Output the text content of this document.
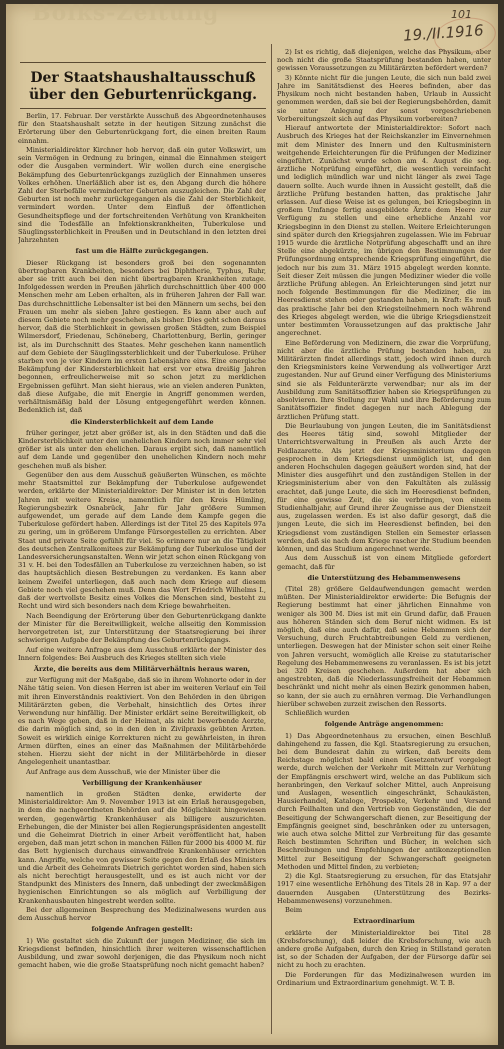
Bolks-Zeitung	101
19./II.1916
Der Staatshaushaltausschuß über den Geburtenrückgang.

Berlin, 17. Februar. Der verstärkte Ausschuß des Abgeordnetenhauses für den Staatshaushalt setzte in der heutigen Sitzung zunächst die Erörterung über den Geburtenrückgang fort, die einen breiten Raum einnahm.

Ministerialdirektor Kirchner hob hervor, daß ein guter Volkswirt, um sein Vermögen in Ordnung zu bringen, einmal die Einnahmen steigert oder die Ausgaben vermindert. Wir wollen durch eine energische Bekämpfung des Geburtenrückgangs zuzüglich der Einnahmen unseres Volkes erhöhen. Unerläßlich aber ist es, den Abgang durch die höhere Zahl der Sterbefälle verminderter Geburten auszugleichen. Die Zahl der Geburten ist noch mehr zurückgegangen als die Zahl der Sterblichkeit, vermindert worden. Unter dem Einfluß der öffentlichen Gesundheitspflege und der fortschreitenden Verhütung von Krankheiten sind die Todesfälle an Infektionskrankheiten, Tuberkulose und Säuglingssterblichkeit in Preußen und in Deutschland in den letzten drei Jahrzehnten

fast um die Hälfte zurückgegangen.

Dieser Rückgang ist besonders groß bei den sogenannten übertragbaren Krankheiten, besonders bei Diphtherie, Typhus, Ruhr, aber sie tritt auch bei den nicht übertragbaren Krankheiten zutage. Infolgedessen werden in Preußen jährlich durchschnittlich über 400 000 Menschen mehr am Leben erhalten, als in früheren Jahren der Fall war. Das durchschnittliche Lebensalter ist bei den Männern um sechs, bei den Frauen um mehr als sieben Jahre gestiegen. Es kann aber auch auf diesem Gebiete noch mehr geschehen, als bisher. Dies geht schon daraus hervor, daß die Sterblichkeit in gewissen großen Städten, zum Beispiel Wilmersdorf, Friedenau, Schöneberg, Charlottenburg, Berlin, geringer ist, als im Durchschnitt des Staates. Mehr geschehen kann namentlich auf dem Gebiete der Säuglingssterblichkeit und der Tuberkulose. Früher starben von je vier Kindern im ersten Lebensjahre eins. Eine energische Bekämpfung der Kindersterblichkeit hat erst vor etwa dreißig Jahren begonnen, erfreulicherweise mit so schon jetzt zu merklichen Ergebnissen geführt. Man sieht hieraus, wie an vielen anderen Punkten, daß diese Aufgabe, die mit Energie in Angriff genommen werden, verhältnismäßig bald der Lösung entgegengeführt werden können. Bedenklich ist, daß

die Kindersterblichkeit auf dem Lande

früher geringer, jetzt aber größer ist, als in den Städten und daß die Kindersterblichkeit unter den unehelichen Kindern noch immer sehr viel größer ist als unter den ehelichen. Daraus ergibt sich, daß namentlich auf dem Lande und gegenüber den unehelichen Kindern noch mehr geschehen muß als bisher.

Gegenüber den aus dem Ausschuß geäußerten Wünschen, es möchte mehr Staatsmittel zur Bekämpfung der Tuberkulose aufgewendet werden, erklärte der Ministerialdirektor: Der Minister ist in den letzten Jahren mit weitere Kreise, namentlich für den Kreis Hümling, Regierungsbezirk Osnabrück, Jahr für Jahr größere Summen aufgewendet, um gerade auf dem Lande dem Kampfe gegen die Tuberkulose gefördert haben. Allerdings ist der Titel 25 des Kapitels 97a zu gering, um in größerem Umfange Fürsorgestellen zu errichten. Aber Staat und private Seite gefühlt für viel. So erinnere nur an die Tätigkeit des deutschen Zentralkomitees zur Bekämpfung der Tuberkulose und der Landesversicherungsanstalten. Wenn wir jetzt schon einen Rückgang von 31 v. H. bei den Todesfällen an Tuberkulose zu verzeichnen haben, so ist das hauptsächlich diesen Bestrebungen zu verdanken. Es kann aber keinem Zweifel unterliegen, daß auch nach dem Kriege auf diesem Gebiete noch viel geschehen muß. Denn das Wort Friedrich Wilhelms I., daß der wertvollste Besitz eines Volkes die Menschen sind, besteht zu Recht und wird sich besonders nach dem Kriege bewahrheiten.

Nach Beendigung der Erörterung über den Geburtenrückgang dankte der Minister für die Bereitwilligkeit, welche allseitig den Kommission hervorgetreten ist, zur Unterstützung der Staatsregierung bei ihrer schwierigen Aufgabe der Bekämpfung des Geburtenrückgangs.

Auf eine weitere Anfrage aus dem Ausschuß erklärte der Minister des Innern folgendes: Bei Ausbruch des Krieges stellten sich viele

Ärzte, die bereits aus dem Militärverhältnis heraus waren,

zur Verfügung mit der Maßgabe, daß sie in ihrem Wohnorte oder in der Nähe tätig seien. Von diesen Herren ist aber im weiteren Verlauf ein Teil mit ihren Einverständnis reaktiviert. Von den Behörden in den übrigen Militärärzten geben, die Verbehalt, hinsichtlich des Ortes ihrer Verwendung nur hinfällig. Der Minister erklärt seine Bereitwilligkeit, ob es nach Wege geben, daß in der Heimat, als nicht bewerbende Aerzte, die darin möglich sind, so in den den in Zivilpraxis geübten Ärzten. Soweit es wirklich einige Korrekturen nicht zu gewährleisten, in ihren Armen dürften, eines an einer das Maßnahmen der Militärbehörde stehen. Hierzu sieht der nicht in der Militärbehörde in dieser Angelegenheit unantastbar.

Auf Anfrage aus dem Ausschuß, wie der Minister über die

Verbilligung der Krankenhäuser

namentlich in großen Städten denke, erwiderte der Ministerialdirektor: Am 9. November 1913 ist ein Erlaß herausgegeben, in dem die nachgeordneten Behörden auf die Möglichkeit hingewiesen werden, gegenwärtig Krankenhäuser als billigere auszurichten. Erhebungen, die der Minister bei allen Regierungspräsidenten angestellt und die Geheimrat Dietrich in einer Arbeit veröffentlicht hat, haben ergeben, daß man jetzt schon in manchen Fällen für 2000 bis 4000 M. für das Bett hygienisch durchaus einwandfreie Krankenhäuser errichten kann. Angriffe, welche von gewisser Seite gegen den Erlaß des Ministers und die Arbeit des Geheimrats Dietrich gerichtet worden sind, haben sich als nicht berechtigt herausgestellt, und es ist auch nicht vor der Standpunkt des Ministers des Innern, daß unbedingt der zweckmäßigen hygienischen Einrichtungen so als möglich auf Verbilligung der Krankenhausbauten hingestrebt werden sollte.

Bei der allgemeinen Besprechung des Medizinalwesens wurden aus dem Ausschuß hervor

folgende Anfragen gestellt:

1) Wie gestaltet sich die Zukunft der jungen Mediziner, die sich im Kriegsdienst befinden, hinsichtlich ihrer weiteren wissenschaftlichen Ausbildung, und zwar sowohl derjenigen, die das Physikum noch nicht gemacht haben, wie die große Staatsprüfung noch nicht gemacht haben?

2) Ist es richtig, daß diejenigen, welche das Physikum, aber noch nicht die große Staatsprüfung bestanden haben, unter gewissen Voraussetzungen zu Militärärzten befördert werden?

3) Könnte nicht für die jungen Leute, die sich nun bald zwei Jahre im Sanitätsdienst des Heeres befinden, aber das Physikum noch nicht bestanden haben, Urlaub in Aussicht genommen werden, daß sie bei der Regierungsbehörden, damit sie unter Anlegung der sonst vorgeschriebenen Vorbereitungszeit sich auf das Physikum vorbereiten?

Hierauf antwortete der Ministerialdirektor: Sofort nach Ausbruch des Krieges hat der Reichskanzler im Einvernehmen mit dem Minister des Innern und den Kultusministern weitgehende Erleichterungen für die Prüfungen der Mediziner eingeführt. Zunächst wurde schon am 4. August die sog. ärztliche Notprüfung eingeführt, die wesentlich vereinfacht und lediglich mündlich war und nicht länger als zwei Tage dauern sollte. Auch wurde ihnen in Aussicht gestellt, daß die ärztliche Prüfung bestanden hatten, das praktische Jahr erlassen. Auf diese Weise ist es gelungen, bei Kriegsbeginn in großem Umfange fertig ausgebildete Ärzte dem Heere zur Verfügung zu stellen und eine erhebliche Anzahl vor Kriegsbeginn in den Dienst zu stellen. Weitere Erleichterungen sind später durch den Kriegsjahren zugelassen. Wie im Februar 1915 wurde die ärztliche Notprüfung abgeschafft und an ihre Stelle eine abgekürzte, im übrigen den Bestimmungen der Prüfungsordnung entsprechende Kriegsprüfung eingeführt, die jedoch nur bis zum 31. März 1915 abgelegt werden konnte. Seit dieser Zeit müssen die jungen Mediziner wieder die volle ärztliche Prüfung ablegen. An Erleichterungen sind jetzt nur noch folgende Bestimmungen für die Mediziner, die im Heeresdienst stehen oder gestanden haben, in Kraft: Es muß das praktische Jahr bei den Kriegsteilnehmern noch während des Krieges abgelegt werden, wie die übrige Kriegsdienstzeit unter bestimmten Voraussetzungen auf das praktische Jahr angerechnet.

Eine Beförderung von Medizinern, die zwar die Vorprüfung, nicht aber die ärztliche Prüfung bestanden haben, zu Militärärzten findet allerdings statt, jedoch wird ihnen durch den Kriegsministers keine Verwendung als vollwertiger Arzt zugestanden. Nur auf Grund einer Verfügung des Ministeriums sind sie als Feldunterärzte verwendbar; nur als im der Ausbildung zum Sanitätsoffizier haben sie Kriegsprüfungen zu absolvieren. Ihre Stellung zur Wahl und ihre Beförderung zum Sanitätsoffizier findet dagegen nur nach Ablegung der ärztlichen Prüfung statt.

Die Beurlaubung von jungen Leuten, die im Sanitätsdienst des Heeres tätig sind, sowohl Mitglieder der Unterrichtsverwaltung in Preußen als auch Ärzte der Feldlazarette. Als jetzt der Kriegsministerium dagegen gesprochen in dem Kriegsdienst unmöglich ist, und den anderen Hochschulen dagegen geäußert worden sind, hat der Minister dies ausgeführt und den zuständigen Stellen in der Kriegsministerium aber von den Fakultäten als zulässig erachtet, daß junge Leute, die sich im Heeresdienst befinden, für eine gewisse Zeit, die sie verbringen, von einem Studienhalbjahr, auf Grund ihrer Zeugnisse aus der Dienstzeit aus, zugelassen werden. Es ist also dafür gesorgt, daß die jungen Leute, die sich im Heeresdienst befinden, bei den Kriegsdienst vom zuständigen Stellen ein Semester erlassen werden, daß sie nach dem Kriege rascher ihr Studium beenden können, und das Studium angerechnet werde.

Aus dem Ausschuß ist von einem Mitgliede gefordert gemacht, daß für

die Unterstützung des Hebammenwesens

(Titel 28) größere Geldaufwendungen gemacht werden müßten. Der Ministerialdirektor erwiderte: Die Befugnis der Regierung bestimmt hat einer jährlichen Einnahme von weniger als 300 M. Dies ist mit ein Grund dafür, daß Frauen aus höheren Ständen sich dem Beruf nicht widmen. Es ist möglich, daß eine auch dafür, daß seine Hebammen sich der Versuchung, durch Fruchtabtreibungen Geld zu verdienen, unterliegen. Deswegen hat der Minister schon seit einer Reihe von Jahren versucht, womöglich alle Kreise zu statutarischer Regelung des Hebammenwesens zu veranlassen. Es ist bis jetzt bei 320 Kreisen geschehen. Außerdem hat aber sich angestrebten, daß die Niederlassungsfreiheit der Hebammen beschränkt und nicht mehr als einen Bezirk genommen haben, so kann, der sie auch zu ernähren vermag. Die Verhandlungen hierüber schweben zurzeit zwischen den Ressorts.

Schließlich wurden

folgende Anträge angenommen:

1) Das Abgeordnetenhaus zu ersuchen, einen Beschluß dahingehend zu fassen, die Kgl. Staatsregierung zu ersuchen, bei dem Bundesrat dahin zu wirken, daß bereits dem Reichstage möglichst bald einen Gesetzentwurf vorgelegt werde, durch welchen der Verkehr mit Mitteln zur Verhütung der Empfängnis erschwert wird, welche an das Publikum sich heranbringen, den Verkauf solcher Mittel, auch Anpreisung und Auslagen, wesentlich eingeschränkt, Schaukästen, Hausierhandel, Kataloge, Prospekte, Verkehr und Versand durch Feilhalten und den Vertrieb von Gegenständen, die der Beseitigung der Schwangerschaft dienen, zur Beseitigung der Empfängnis geeignet sind, beschränken oder zu untersagen, wie auch etwa solche Mittel zur Verbreitung für das gesamte Reich bestimmten Schriften und Bücher, in welchen sich Beschreibungen und Empfehlungen der antikonzeptionellen Mittel zur Beseitigung der Schwangerschaft geeigneten Methoden und Mittel finden, zu verbieten;

2) die Kgl. Staatsregierung zu ersuchen, für das Etatsjahr 1917 eine wesentliche Erhöhung des Titels 28 in Kap. 97 a der dauernden Ausgaben (Unterstützung des Bezirks-Hebammenwesens) vorzunehmen.

Beim

Extraordinarium

erklärte der Ministerialdirektor bei Titel 28 (Krebsforschung), daß leider die Krebsforschung, wie auch andere große Aufgaben, durch den Krieg in Stillstand geraten ist, so der Schaden der Aufgaben, der der Fürsorge dafür sei nicht zu hoch zu erachten.

Die Forderungen für das Medizinalwesen wurden im Ordinarium und Extraordinarium genehmigt. W. T. B.
